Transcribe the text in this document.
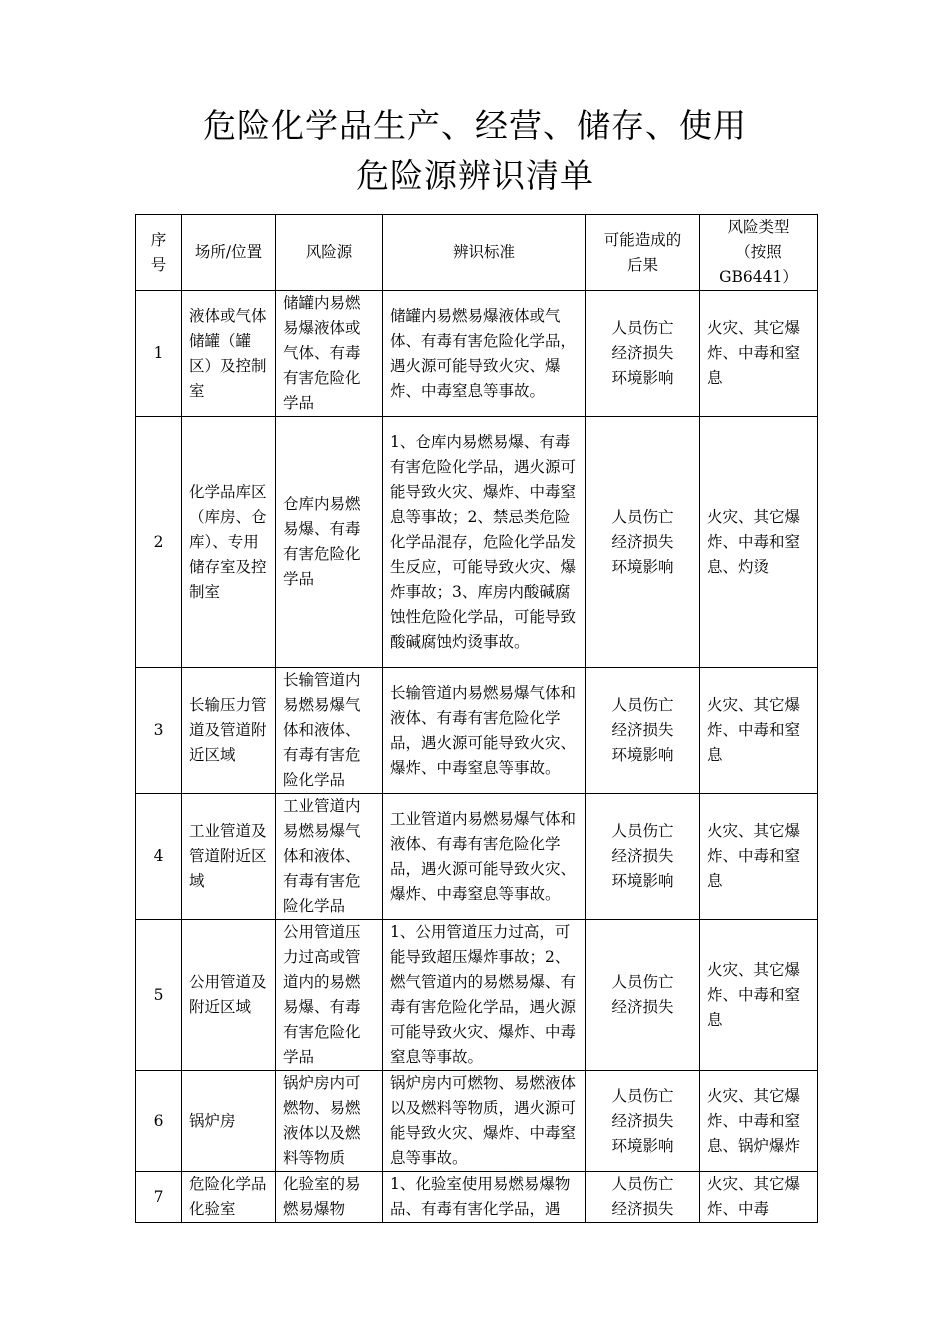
危险化学品生产、经营、储存、使用
危险源辨识清单
序号	场所/位置	风险源	辨识标准	可能造成的后果	风险类型（按照GB6441）
1	液体或气体储罐（罐区）及控制室	储罐内易燃易爆液体或气体、有毒有害危险化学品	储罐内易燃易爆液体或气体、有毒有害危险化学品，遇火源可能导致火灾、爆炸、中毒窒息等事故。	人员伤亡经济损失环境影响	火灾、其它爆炸、中毒和窒息
2	化学品库区（库房、仓库）、专用储存室及控制室	仓库内易燃易爆、有毒有害危险化学品	1、仓库内易燃易爆、有毒有害危险化学品，遇火源可能导致火灾、爆炸、中毒窒息等事故；2、禁忌类危险化学品混存，危险化学品发生反应，可能导致火灾、爆炸事故；3、库房内酸碱腐蚀性危险化学品，可能导致酸碱腐蚀灼烫事故。	人员伤亡经济损失环境影响	火灾、其它爆炸、中毒和窒息、灼烫
3	长输压力管道及管道附近区域	长输管道内易燃易爆气体和液体、有毒有害危险化学品	长输管道内易燃易爆气体和液体、有毒有害危险化学品，遇火源可能导致火灾、爆炸、中毒窒息等事故。	人员伤亡经济损失环境影响	火灾、其它爆炸、中毒和窒息
4	工业管道及管道附近区域	工业管道内易燃易爆气体和液体、有毒有害危险化学品	工业管道内易燃易爆气体和液体、有毒有害危险化学品，遇火源可能导致火灾、爆炸、中毒窒息等事故。	人员伤亡经济损失环境影响	火灾、其它爆炸、中毒和窒息
5	公用管道及附近区域	公用管道压力过高或管道内的易燃易爆、有毒有害危险化学品	1、公用管道压力过高，可能导致超压爆炸事故；2、燃气管道内的易燃易爆、有毒有害危险化学品，遇火源可能导致火灾、爆炸、中毒窒息等事故。	人员伤亡经济损失	火灾、其它爆炸、中毒和窒息
6	锅炉房	锅炉房内可燃物、易燃液体以及燃料等物质	锅炉房内可燃物、易燃液体以及燃料等物质，遇火源可能导致火灾、爆炸、中毒窒息等事故。	人员伤亡经济损失环境影响	火灾、其它爆炸、中毒和窒息、锅炉爆炸
7	危险化学品化验室	化验室的易燃易爆物	1、化验室使用易燃易爆物品、有毒有害化学品，遇	人员伤亡经济损失	火灾、其它爆炸、中毒
